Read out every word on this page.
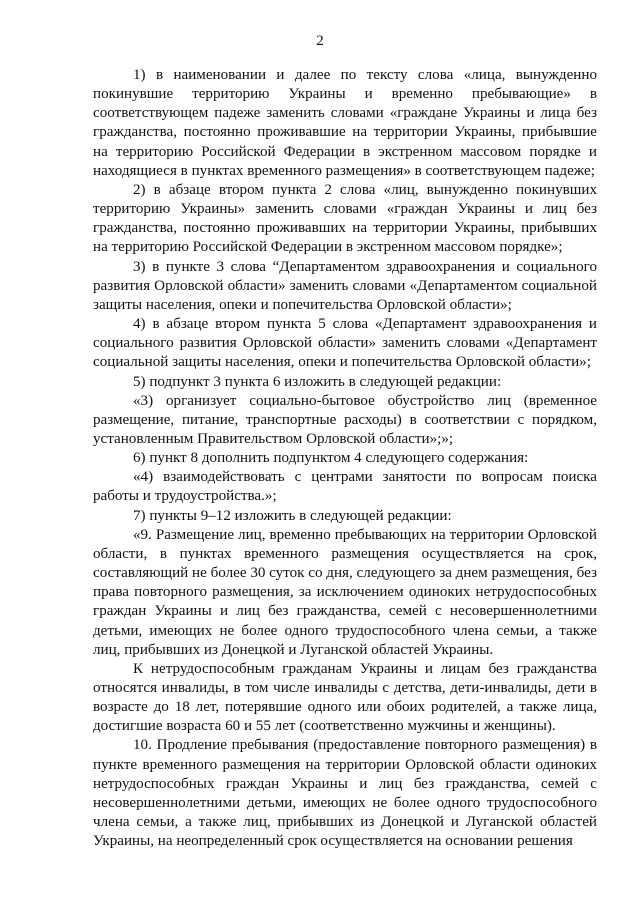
2

1) в наименовании и далее по тексту слова «лица, вынужденно покинувшие территорию Украины и временно пребывающие» в соответствующем падеже заменить словами «граждане Украины и лица без гражданства, постоянно проживавшие на территории Украины, прибывшие на территорию Российской Федерации в экстренном массовом порядке и находящиеся в пунктах временного размещения» в соответствующем падеже;

2) в абзаце втором пункта 2 слова «лиц, вынужденно покинувших территорию Украины» заменить словами «граждан Украины и лиц без гражданства, постоянно проживавших на территории Украины, прибывших на территорию Российской Федерации в экстренном массовом порядке»;

3) в пункте 3 слова “Департаментом здравоохранения и социального развития Орловской области» заменить словами «Департаментом социальной защиты населения, опеки и попечительства Орловской области»;

4) в абзаце втором пункта 5 слова «Департамент здравоохранения и социального развития Орловской области» заменить словами «Департамент социальной защиты населения, опеки и попечительства Орловской области»;

5) подпункт 3 пункта 6 изложить в следующей редакции:

«3) организует социально-бытовое обустройство лиц (временное размещение, питание, транспортные расходы) в соответствии с порядком, установленным Правительством Орловской области»;»;

6) пункт 8 дополнить подпунктом 4 следующего содержания:

«4) взаимодействовать с центрами занятости по вопросам поиска работы и трудоустройства.»;

7) пункты 9–12 изложить в следующей редакции:

«9. Размещение лиц, временно пребывающих на территории Орловской области, в пунктах временного размещения осуществляется на срок, составляющий не более 30 суток со дня, следующего за днем размещения, без права повторного размещения, за исключением одиноких нетрудоспособных граждан Украины и лиц без гражданства, семей с несовершеннолетними детьми, имеющих не более одного трудоспособного члена семьи, а также лиц, прибывших из Донецкой и Луганской областей Украины.

К нетрудоспособным гражданам Украины и лицам без гражданства относятся инвалиды, в том числе инвалиды с детства, дети-инвалиды, дети в возрасте до 18 лет, потерявшие одного или обоих родителей, а также лица, достигшие возраста 60 и 55 лет (соответственно мужчины и женщины).

10. Продление пребывания (предоставление повторного размещения) в пункте временного размещения на территории Орловской области одиноких нетрудоспособных граждан Украины и лиц без гражданства, семей с несовершеннолетними детьми, имеющих не более одного трудоспособного члена семьи, а также лиц, прибывших из Донецкой и Луганской областей Украины, на неопределенный срок осуществляется на основании решения
